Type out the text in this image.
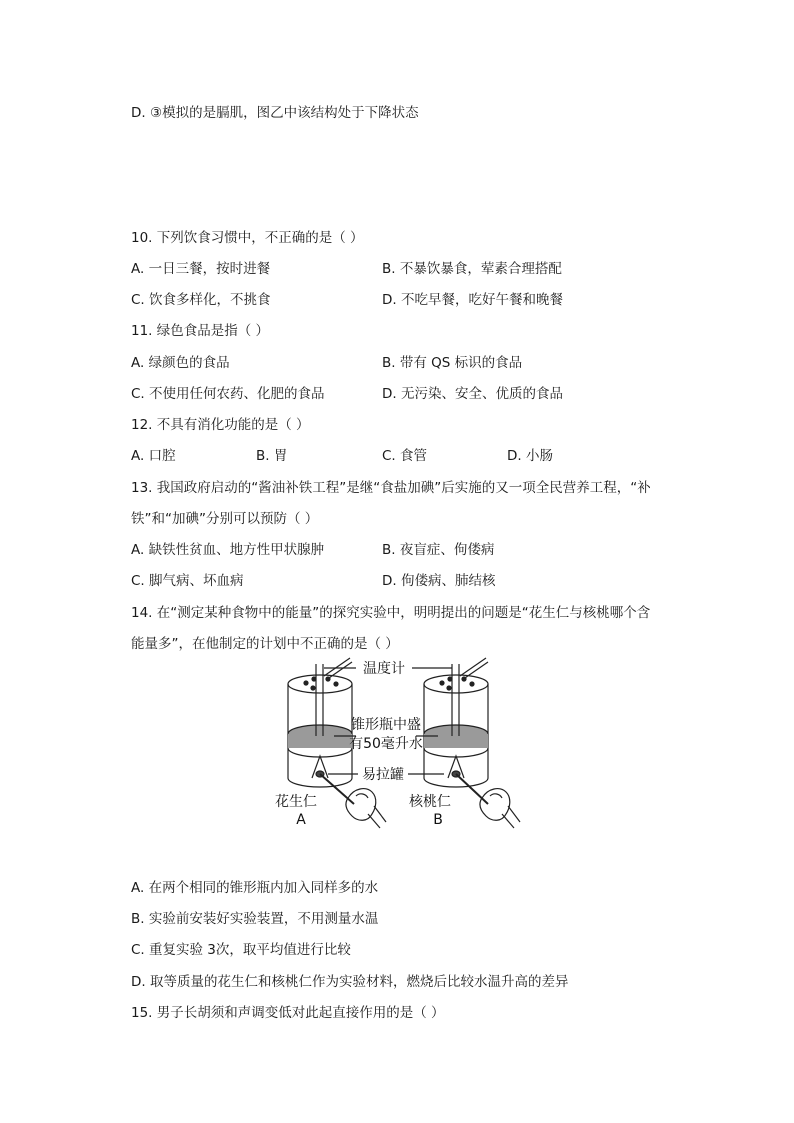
D. ③模拟的是膈肌，图乙中该结构处于下降状态
10. 下列饮食习惯中，不正确的是（ ）
A. 一日三餐，按时进餐	B. 不暴饮暴食，荤素合理搭配
C. 饮食多样化，不挑食	D. 不吃早餐，吃好午餐和晚餐
11. 绿色食品是指（ ）
A. 绿颜色的食品	B. 带有 QS 标识的食品
C. 不使用任何农药、化肥的食品	D. 无污染、安全、优质的食品
12. 不具有消化功能的是（ ）
A. 口腔	B. 胃	C. 食管	D. 小肠
13. 我国政府启动的“酱油补铁工程”是继“食盐加碘”后实施的又一项全民营养工程，“补
铁”和“加碘”分别可以预防（ ）
A. 缺铁性贫血、地方性甲状腺肿	B. 夜盲症、佝偻病
C. 脚气病、坏血病	D. 佝偻病、肺结核
14. 在“测定某种食物中的能量”的探究实验中，明明提出的问题是“花生仁与核桃哪个含
能量多”，在他制定的计划中不正确的是（ ）
温度计
锥形瓶中盛
有50毫升水
易拉罐
花生仁
A
核桃仁
B
A. 在两个相同的锥形瓶内加入同样多的水
B. 实验前安装好实验装置，不用测量水温
C. 重复实验 3次，取平均值进行比较
D. 取等质量的花生仁和核桃仁作为实验材料，燃烧后比较水温升高的差异
15. 男子长胡须和声调变低对此起直接作用的是（ ）
